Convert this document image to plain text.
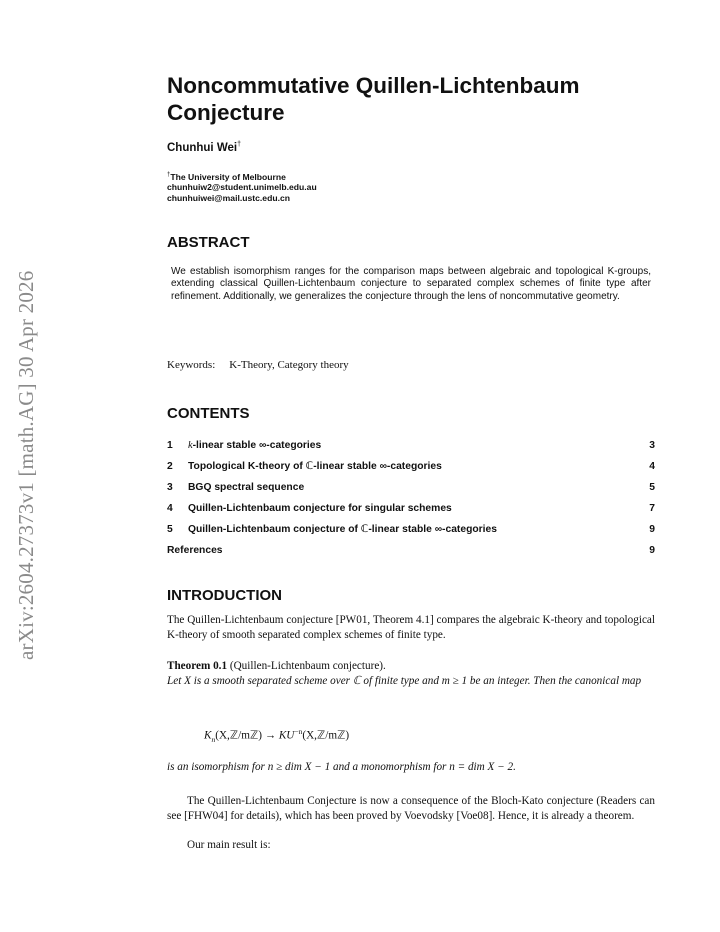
arXiv:2604.27373v1 [math.AG] 30 Apr 2026
Noncommutative Quillen-Lichtenbaum
Conjecture
Chunhui Wei†
†The University of Melbourne
chunhuiw2@student.unimelb.edu.au
chunhuiwei@mail.ustc.edu.cn
ABSTRACT
We establish isomorphism ranges for the comparison maps between algebraic and topological K-groups, extending classical Quillen-Lichtenbaum conjecture to separated complex schemes of finite type after refinement. Additionally, we generalizes the conjecture through the lens of noncommutative geometry.
Keywords: K-Theory, Category theory
CONTENTS
1	k-linear stable ∞-categories	3
2	Topological K-theory of ℂ-linear stable ∞-categories	4
3	BGQ spectral sequence	5
4	Quillen-Lichtenbaum conjecture for singular schemes	7
5	Quillen-Lichtenbaum conjecture of ℂ-linear stable ∞-categories	9
References	9
INTRODUCTION
The Quillen-Lichtenbaum conjecture [PW01, Theorem 4.1] compares the algebraic K-theory and topological K-theory of smooth separated complex schemes of finite type.
Theorem 0.1 (Quillen-Lichtenbaum conjecture).
Let X is a smooth separated scheme over ℂ of finite type and m ≥ 1 be an integer. Then the canonical map
$K_n(X,ℤ/mℤ)$ → $KU^{-n}(X,ℤ/mℤ)$
is an isomorphism for n ≥ dim X − 1 and a monomorphism for n = dim X − 2.
The Quillen-Lichtenbaum Conjecture is now a consequence of the Bloch-Kato conjecture (Readers can see [FHW04] for details), which has been proved by Voevodsky [Voe08]. Hence, it is already a theorem.
Our main result is:
